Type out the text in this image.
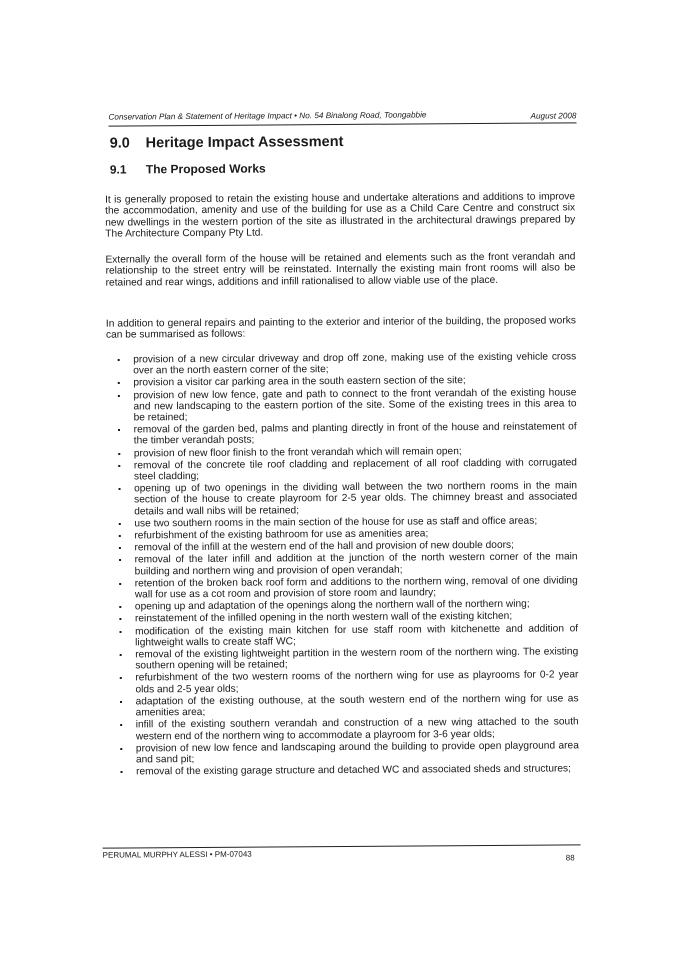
Conservation Plan & Statement of Heritage Impact • No. 54 Binalong Road, Toongabbie	August 2008
9.0 Heritage Impact Assessment
9.1 The Proposed Works

It is generally proposed to retain the existing house and undertake alterations and additions to improve the accommodation, amenity and use of the building for use as a Child Care Centre and construct six new dwellings in the western portion of the site as illustrated in the architectural drawings prepared by The Architecture Company Pty Ltd.

Externally the overall form of the house will be retained and elements such as the front verandah and relationship to the street entry will be reinstated. Internally the existing main front rooms will also be retained and rear wings, additions and infill rationalised to allow viable use of the place.

In addition to general repairs and painting to the exterior and interior of the building, the proposed works can be summarised as follows:

▪ provision of a new circular driveway and drop off zone, making use of the existing vehicle cross over an the north eastern corner of the site;
▪ provision a visitor car parking area in the south eastern section of the site;
▪ provision of new low fence, gate and path to connect to the front verandah of the existing house and new landscaping to the eastern portion of the site. Some of the existing trees in this area to be retained;
▪ removal of the garden bed, palms and planting directly in front of the house and reinstatement of the timber verandah posts;
▪ provision of new floor finish to the front verandah which will remain open;
▪ removal of the concrete tile roof cladding and replacement of all roof cladding with corrugated steel cladding;
▪ opening up of two openings in the dividing wall between the two northern rooms in the main section of the house to create playroom for 2-5 year olds. The chimney breast and associated details and wall nibs will be retained;
▪ use two southern rooms in the main section of the house for use as staff and office areas;
▪ refurbishment of the existing bathroom for use as amenities area;
▪ removal of the infill at the western end of the hall and provision of new double doors;
▪ removal of the later infill and addition at the junction of the north western corner of the main building and northern wing and provision of open verandah;
▪ retention of the broken back roof form and additions to the northern wing, removal of one dividing wall for use as a cot room and provision of store room and laundry;
▪ opening up and adaptation of the openings along the northern wall of the northern wing;
▪ reinstatement of the infilled opening in the north western wall of the existing kitchen;
▪ modification of the existing main kitchen for use staff room with kitchenette and addition of lightweight walls to create staff WC;
▪ removal of the existing lightweight partition in the western room of the northern wing. The existing southern opening will be retained;
▪ refurbishment of the two western rooms of the northern wing for use as playrooms for 0-2 year olds and 2-5 year olds;
▪ adaptation of the existing outhouse, at the south western end of the northern wing for use as amenities area;
▪ infill of the existing southern verandah and construction of a new wing attached to the south western end of the northern wing to accommodate a playroom for 3-6 year olds;
▪ provision of new low fence and landscaping around the building to provide open playground area and sand pit;
▪ removal of the existing garage structure and detached WC and associated sheds and structures;
PERUMAL MURPHY ALESSI • PM-07043	88
